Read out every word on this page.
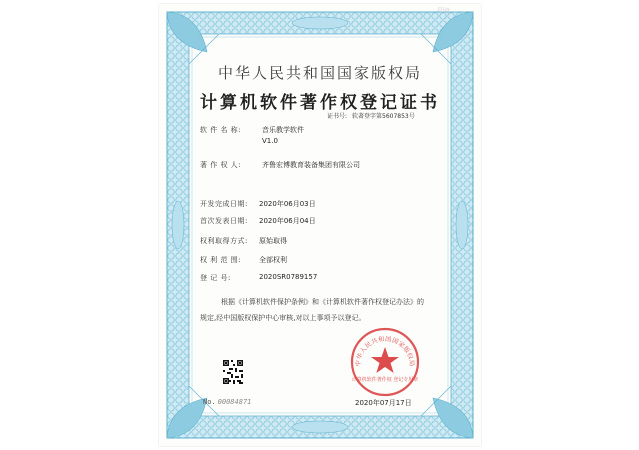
印件
中华人民共和国国家版权局
计算机软件著作权登记证书
证书号: 软著登字第5607853号
软 件 名 称:	音乐教学软件
V1.0
著 作 权 人:	齐鲁宏博教育装备集团有限公司
开发完成日期: 2020年06月03日
首次发表日期: 2020年06月04日
权利取得方式: 原始取得
权 利 范 围:	全部权利
登 记 号:	2020SR0789157
根据《计算机软件保护条例》和《计算机软件著作权登记办法》的
规定,经中国版权保护中心审核,对以上事项予以登记。
No. 00084871
中华人民共和国国家版权局
计算机软件著作权 登记专用章
2020年07月17日
